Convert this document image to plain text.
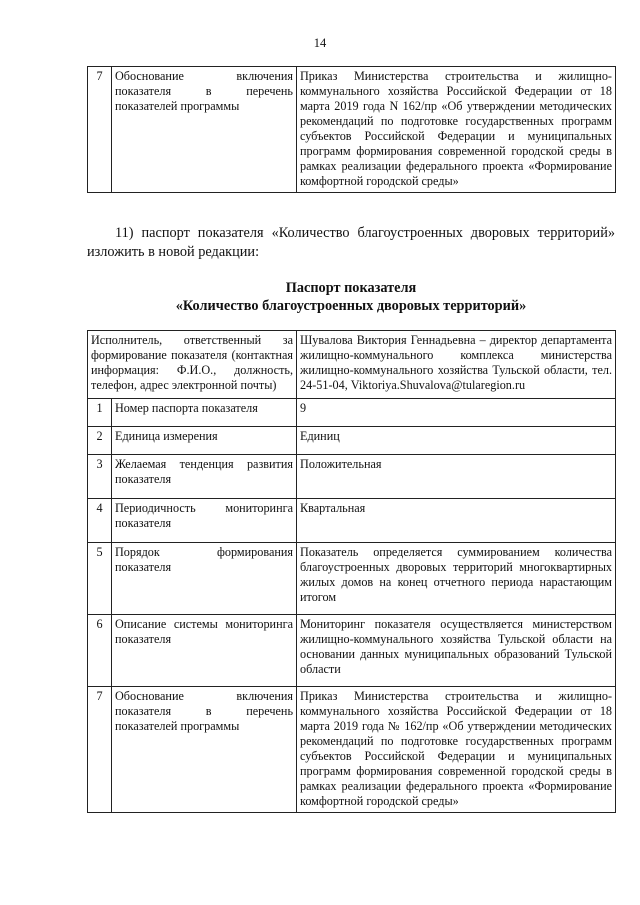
14
7	Обоснование включения показателя в перечень показателей программы	Приказ Министерства строительства и жилищно-коммунального хозяйства Российской Федерации от 18 марта 2019 года N 162/пр «Об утверждении методических рекомендаций по подготовке государственных программ субъектов Российской Федерации и муниципальных программ формирования современной городской среды в рамках реализации федерального проекта «Формирование комфортной городской среды»
11) паспорт показателя «Количество благоустроенных дворовых территорий» изложить в новой редакции:
Паспорт показателя
«Количество благоустроенных дворовых территорий»
Исполнитель, ответственный за формирование показателя (контактная информация: Ф.И.О., должность, телефон, адрес электронной почты)		Шувалова Виктория Геннадьевна – директор департамента жилищно-коммунального комплекса министерства жилищно-коммунального хозяйства Тульской области, тел. 24-51-04, Viktoriya.Shuvalova@tularegion.ru
1	Номер паспорта показателя	9
2	Единица измерения	Единиц
3	Желаемая тенденция развития показателя	Положительная
4	Периодичность мониторинга показателя	Квартальная
5	Порядок формирования показателя	Показатель определяется суммированием количества благоустроенных дворовых территорий многоквартирных жилых домов на конец отчетного периода нарастающим итогом
6	Описание системы мониторинга показателя	Мониторинг показателя осуществляется министерством жилищно-коммунального хозяйства Тульской области на основании данных муниципальных образований Тульской области
7	Обоснование включения показателя в перечень показателей программы	Приказ Министерства строительства и жилищно-коммунального хозяйства Российской Федерации от 18 марта 2019 года № 162/пр «Об утверждении методических рекомендаций по подготовке государственных программ субъектов Российской Федерации и муниципальных программ формирования современной городской среды в рамках реализации федерального проекта «Формирование комфортной городской среды»
